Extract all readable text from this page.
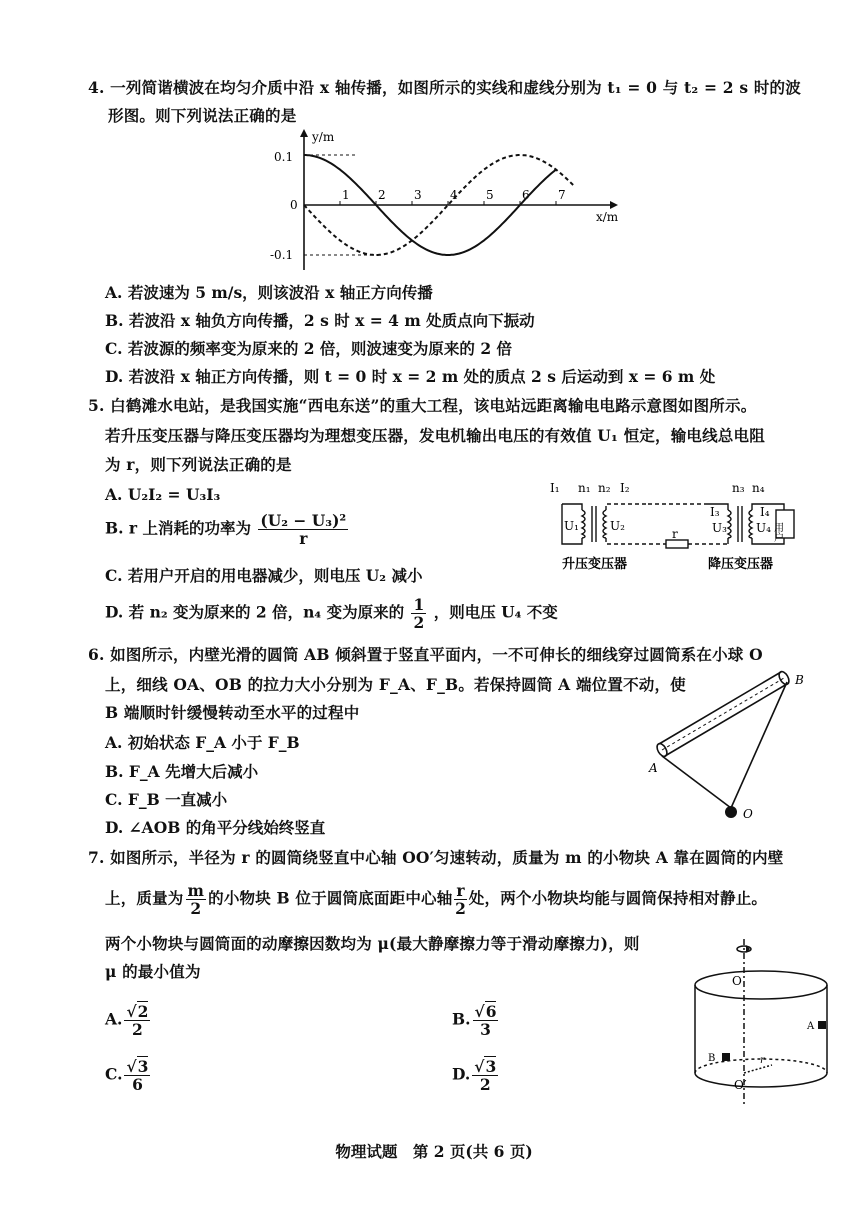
4. 一列简谐横波在均匀介质中沿 x 轴传播，如图所示的实线和虚线分别为 t₁ = 0 与 t₂ = 2 s 时的波
形图。则下列说法正确的是
y/m
x/m
0.1
0
-0.1
1 2 3 4 5 6 7
A. 若波速为 5 m/s，则该波沿 x 轴正方向传播
B. 若波沿 x 轴负方向传播，2 s 时 x = 4 m 处质点向下振动
C. 若波源的频率变为原来的 2 倍，则波速变为原来的 2 倍
D. 若波沿 x 轴正方向传播，则 t = 0 时 x = 2 m 处的质点 2 s 后运动到 x = 6 m 处
5. 白鹤滩水电站，是我国实施“西电东送”的重大工程，该电站远距离输电电路示意图如图所示。
若升压变压器与降压变压器均为理想变压器，发电机输出电压的有效值 U₁ 恒定，输电线总电阻
为 r，则下列说法正确的是
A. U₂I₂ = U₃I₃
B. r 上消耗的功率为 $\frac{\text{(U₂ − U₃)²}}{r}$
C. 若用户开启的用电器减少，则电压 U₂ 减小
D. 若 n₂ 变为原来的 2 倍，n₄ 变为原来的 $\frac{1}{2}$ ，则电压 U₄ 不变
用户
I₁ n₁ n₂ I₂
U₁	U₂
r
n₃ n₄
I₃	I₄
U₃ U₄
升压变压器	降压变压器
6. 如图所示，内壁光滑的圆筒 AB 倾斜置于竖直平面内，一不可伸长的细线穿过圆筒系在小球 O
上，细线 OA、OB 的拉力大小分别为 F_A、F_B。若保持圆筒 A 端位置不动，使
B 端顺时针缓慢转动至水平的过程中
A. 初始状态 F_A 小于 F_B
B. F_A 先增大后减小
C. F_B 一直减小
D. ∠AOB 的角平分线始终竖直
A
B
O
7. 如图所示，半径为 r 的圆筒绕竖直中心轴 OO′匀速转动，质量为 m 的小物块 A 靠在圆筒的内壁
上，质量为 $\frac{m}{2}$ 的小物块 B 位于圆筒底面距中心轴 $\frac{r}{2}$ 处，两个小物块均能与圆筒保持相对静止。
两个小物块与圆筒面的动摩擦因数均为 μ(最大静摩擦力等于滑动摩擦力)，则
μ 的最小值为
A. $\frac{√2}{2}$	B. $\frac{√6}{3}$
C. $\frac{√3}{6}$	D. $\frac{√3}{2}$
O
O′
A
B	r
物理试题　第 2 页(共 6 页)
